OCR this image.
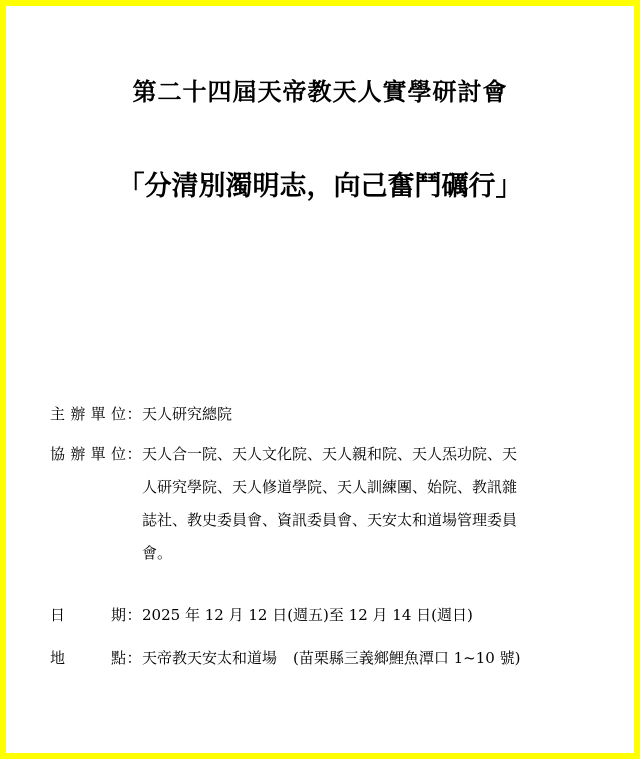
第二十四屆天帝教天人實學研討會
「分清別濁明志，向己奮鬥礪行」
主辦單位 ： 天人研究總院
協辦單位 ： 天人合一院、天人文化院、天人親和院、天人炁功院、天
人研究學院、天人修道學院、天人訓練團、始院、教訊雜
誌社、教史委員會、資訊委員會、天安太和道場管理委員
會。
日期 ： 2025 年 12 月 12 日(週五)至 12 月 14 日(週日)
地點 ： 天帝教天安太和道場 (苗栗縣三義鄉鯉魚潭口 1~10 號)
